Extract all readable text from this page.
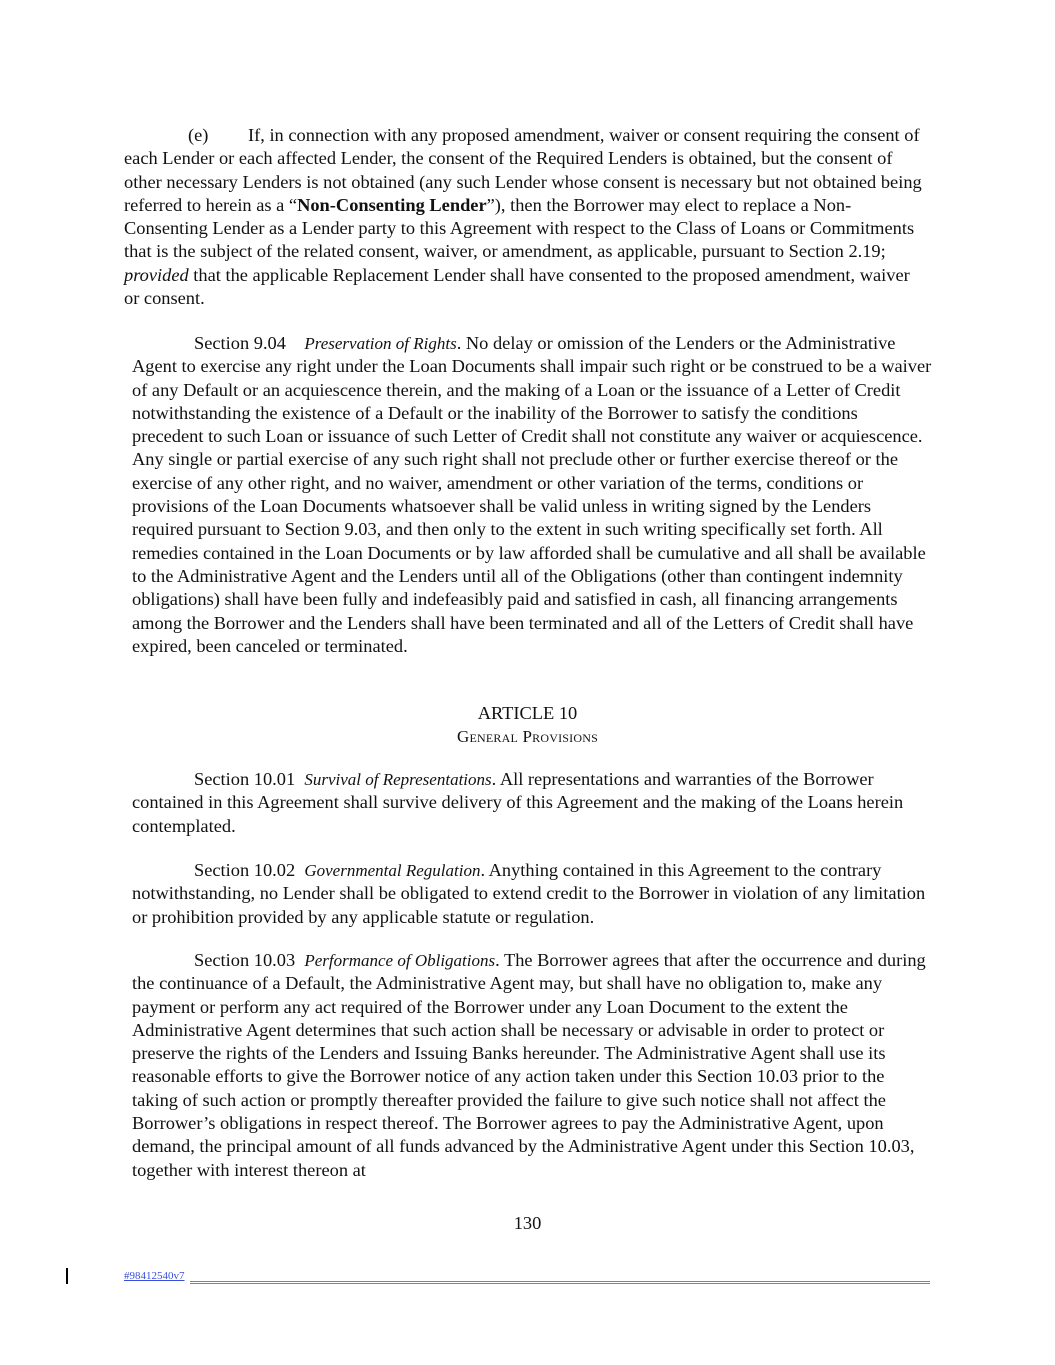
(e) If, in connection with any proposed amendment, waiver or consent requiring the consent of each Lender or each affected Lender, the consent of the Required Lenders is obtained, but the consent of other necessary Lenders is not obtained (any such Lender whose consent is necessary but not obtained being referred to herein as a “Non-Consenting Lender”), then the Borrower may elect to replace a Non-Consenting Lender as a Lender party to this Agreement with respect to the Class of Loans or Commitments that is the subject of the related consent, waiver, or amendment, as applicable, pursuant to Section 2.19; provided that the applicable Replacement Lender shall have consented to the proposed amendment, waiver or consent.

Section 9.04 Preservation of Rights. No delay or omission of the Lenders or the Administrative Agent to exercise any right under the Loan Documents shall impair such right or be construed to be a waiver of any Default or an acquiescence therein, and the making of a Loan or the issuance of a Letter of Credit notwithstanding the existence of a Default or the inability of the Borrower to satisfy the conditions precedent to such Loan or issuance of such Letter of Credit shall not constitute any waiver or acquiescence. Any single or partial exercise of any such right shall not preclude other or further exercise thereof or the exercise of any other right, and no waiver, amendment or other variation of the terms, conditions or provisions of the Loan Documents whatsoever shall be valid unless in writing signed by the Lenders required pursuant to Section 9.03, and then only to the extent in such writing specifically set forth. All remedies contained in the Loan Documents or by law afforded shall be cumulative and all shall be available to the Administrative Agent and the Lenders until all of the Obligations (other than contingent indemnity obligations) shall have been fully and indefeasibly paid and satisfied in cash, all financing arrangements among the Borrower and the Lenders shall have been terminated and all of the Letters of Credit shall have expired, been canceled or terminated.

ARTICLE 10
General Provisions

Section 10.01 Survival of Representations. All representations and warranties of the Borrower contained in this Agreement shall survive delivery of this Agreement and the making of the Loans herein contemplated.

Section 10.02 Governmental Regulation. Anything contained in this Agreement to the contrary notwithstanding, no Lender shall be obligated to extend credit to the Borrower in violation of any limitation or prohibition provided by any applicable statute or regulation.

Section 10.03 Performance of Obligations. The Borrower agrees that after the occurrence and during the continuance of a Default, the Administrative Agent may, but shall have no obligation to, make any payment or perform any act required of the Borrower under any Loan Document to the extent the Administrative Agent determines that such action shall be necessary or advisable in order to protect or preserve the rights of the Lenders and Issuing Banks hereunder. The Administrative Agent shall use its reasonable efforts to give the Borrower notice of any action taken under this Section 10.03 prior to the taking of such action or promptly thereafter provided the failure to give such notice shall not affect the Borrower’s obligations in respect thereof. The Borrower agrees to pay the Administrative Agent, upon demand, the principal amount of all funds advanced by the Administrative Agent under this Section 10.03, together with interest thereon at

130
#98412540v7
